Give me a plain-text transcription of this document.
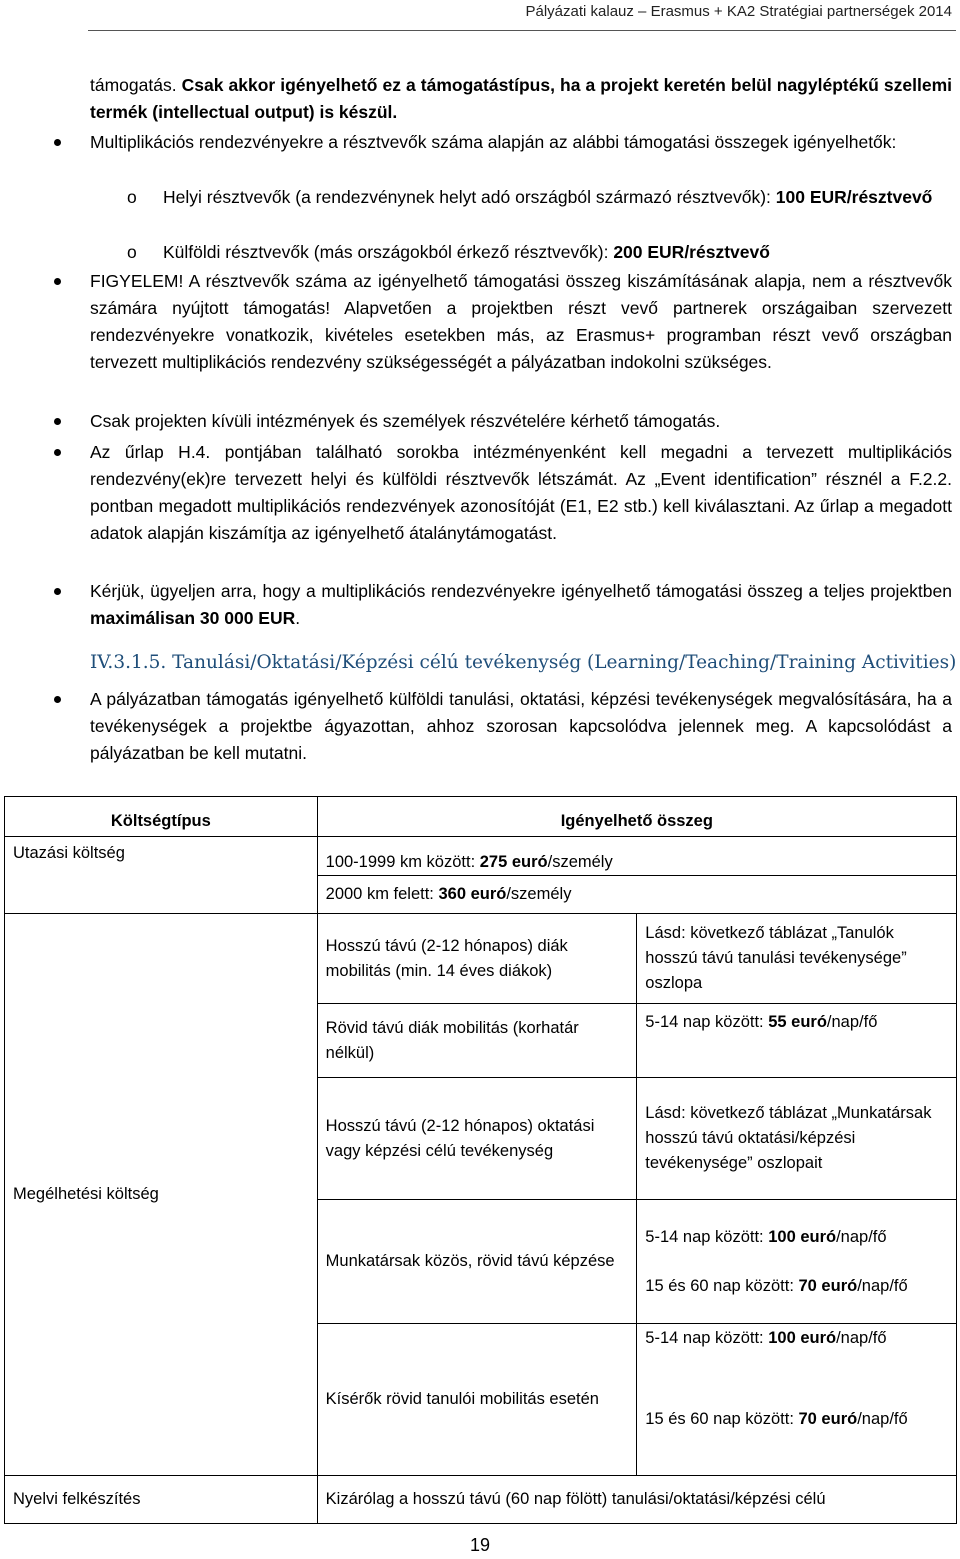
Pályázati kalauz – Erasmus + KA2 Stratégiai partnerségek 2014
támogatás. Csak akkor igényelhető ez a támogatástípus, ha a projekt keretén belül nagyléptékű szellemi termék (intellectual output) is készül.
Multiplikációs rendezvényekre a résztvevők száma alapján az alábbi támogatási összegek igényelhetők:
o Helyi résztvevők (a rendezvénynek helyt adó országból származó résztvevők): 100 EUR/résztvevő
o Külföldi résztvevők (más országokból érkező résztvevők): 200 EUR/résztvevő
FIGYELEM! A résztvevők száma az igényelhető támogatási összeg kiszámításának alapja, nem a résztvevők számára nyújtott támogatás! Alapvetően a projektben részt vevő partnerek országaiban szervezett rendezvényekre vonatkozik, kivételes esetekben más, az Erasmus+ programban részt vevő országban tervezett multiplikációs rendezvény szükségességét a pályázatban indokolni szükséges.
Csak projekten kívüli intézmények és személyek részvételére kérhető támogatás.
Az űrlap H.4. pontjában található sorokba intézményenként kell megadni a tervezett multiplikációs rendezvény(ek)re tervezett helyi és külföldi résztvevők létszámát. Az „Event identification” résznél a F.2.2. pontban megadott multiplikációs rendezvények azonosítóját (E1, E2 stb.) kell kiválasztani. Az űrlap a megadott adatok alapján kiszámítja az igényelhető átalánytámogatást.
Kérjük, ügyeljen arra, hogy a multiplikációs rendezvényekre igényelhető támogatási összeg a teljes projektben maximálisan 30 000 EUR.
IV.3.1.5. Tanulási/Oktatási/Képzési célú tevékenység (Learning/Teaching/Training Activities)
A pályázatban támogatás igényelhető külföldi tanulási, oktatási, képzési tevékenységek megvalósítására, ha a tevékenységek a projektbe ágyazottan, ahhoz szorosan kapcsolódva jelennek meg. A kapcsolódást a pályázatban be kell mutatni.
Költségtípus	Igényelhető összeg	
Utazási költség	100-1999 km között: 275 euró/személy	
	2000 km felett: 360 euró/személy	
Megélhetési költség	Hosszú távú (2-12 hónapos) diák mobilitás (min. 14 éves diákok)	Lásd: következő táblázat „Tanulók hosszú távú tanulási tevékenysége” oszlopa
	Rövid távú diák mobilitás (korhatár nélkül)	5-14 nap között: 55 euró/nap/fő
	Hosszú távú (2-12 hónapos) oktatási vagy képzési célú tevékenység	Lásd: következő táblázat „Munkatársak hosszú távú oktatási/képzési tevékenysége” oszlopait
	Munkatársak közös, rövid távú képzése	5-14 nap között: 100 euró/nap/fő
15 és 60 nap között: 70 euró/nap/fő

	Kísérők rövid tanulói mobilitás esetén	5-14 nap között: 100 euró/nap/fő
15 és 60 nap között: 70 euró/nap/fő

Nyelvi felkészítés	Kizárólag a hosszú távú (60 nap fölött) tanulási/oktatási/képzési célú	
19
